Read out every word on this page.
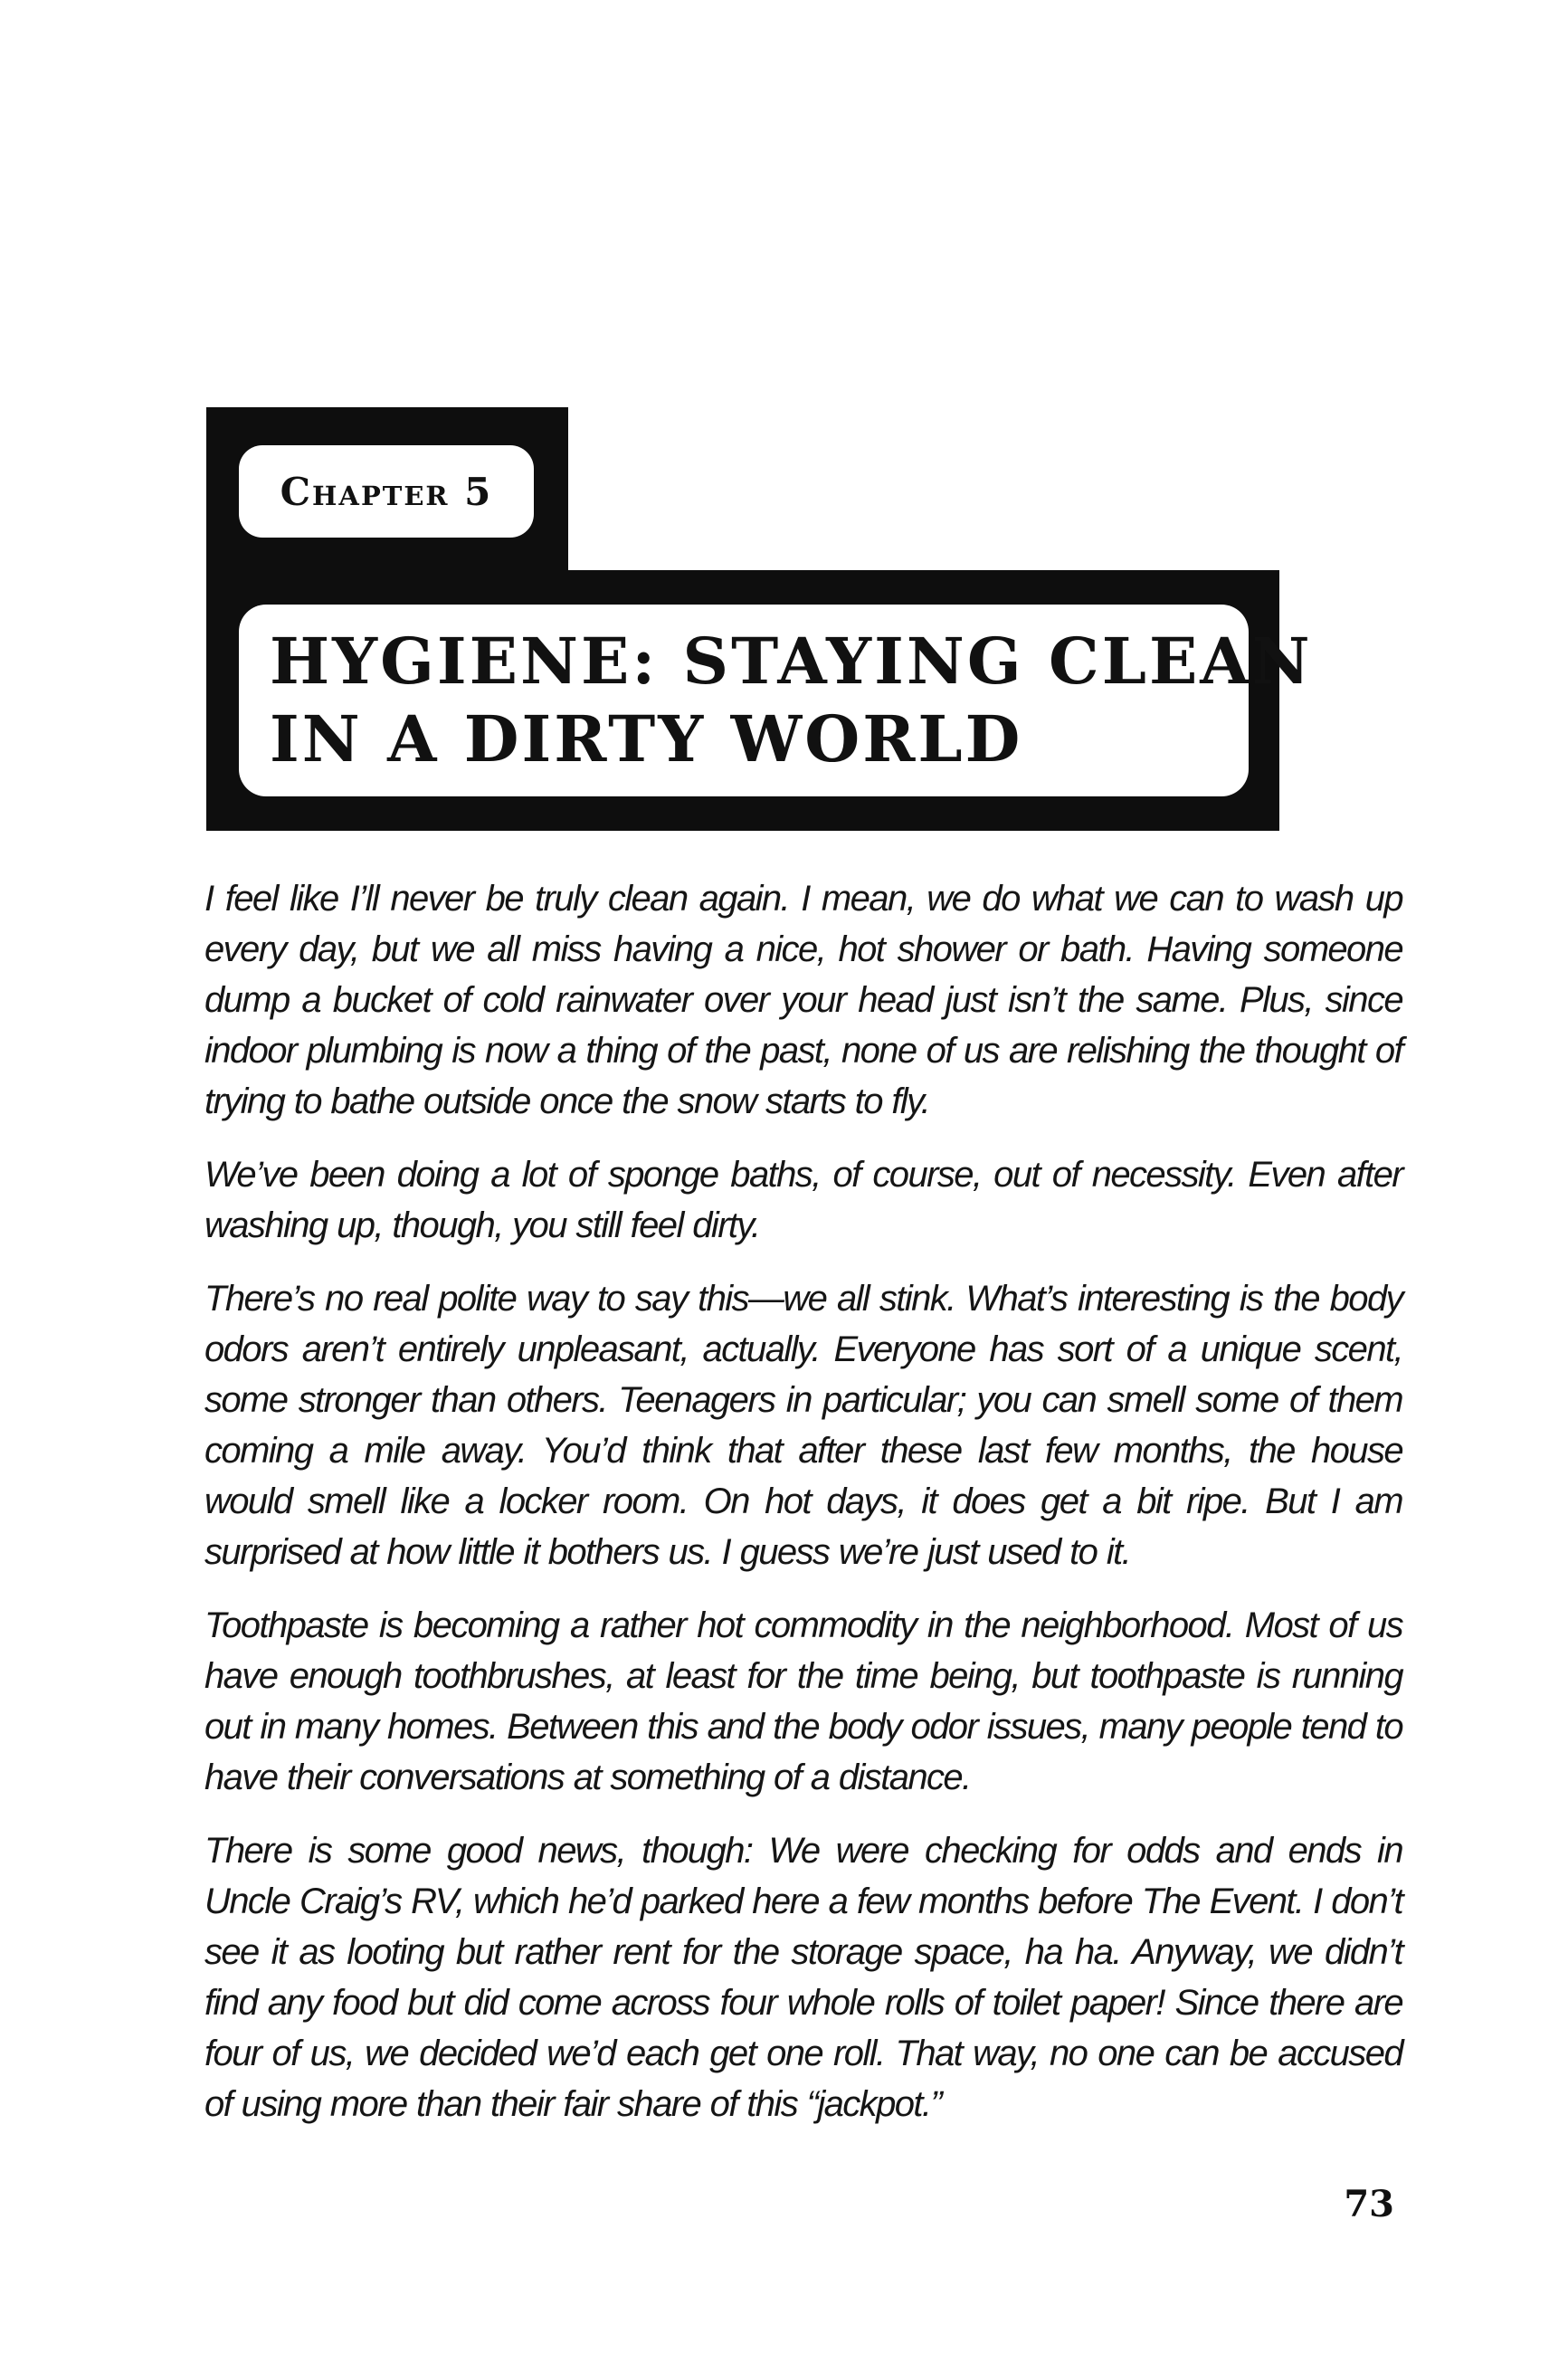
Chapter 5
HYGIENE: STAYING CLEAN
IN A DIRTY WORLD

I feel like I’ll never be truly clean again. I mean, we do what we can to wash up every day, but we all miss having a nice, hot shower or bath. Having someone dump a bucket of cold rainwater over your head just isn’t the same. Plus, since indoor plumbing is now a thing of the past, none of us are relishing the thought of trying to bathe outside once the snow starts to fly.

We’ve been doing a lot of sponge baths, of course, out of necessity. Even after washing up, though, you still feel dirty.

There’s no real polite way to say this—we all stink. What’s interesting is the body odors aren’t entirely unpleasant, actually. Everyone has sort of a unique scent, some stronger than others. Teenagers in particular; you can smell some of them coming a mile away. You’d think that after these last few months, the house would smell like a locker room. On hot days, it does get a bit ripe. But I am surprised at how little it bothers us. I guess we’re just used to it.

Toothpaste is becoming a rather hot commodity in the neighborhood. Most of us have enough toothbrushes, at least for the time being, but toothpaste is running out in many homes. Between this and the body odor issues, many people tend to have their conversations at something of a distance.

There is some good news, though: We were checking for odds and ends in Uncle Craig’s RV, which he’d parked here a few months before The Event. I don’t see it as looting but rather rent for the storage space, ha ha. Anyway, we didn’t find any food but did come across four whole rolls of toilet paper! Since there are four of us, we decided we’d each get one roll. That way, no one can be accused of using more than their fair share of this “jackpot.”

73
